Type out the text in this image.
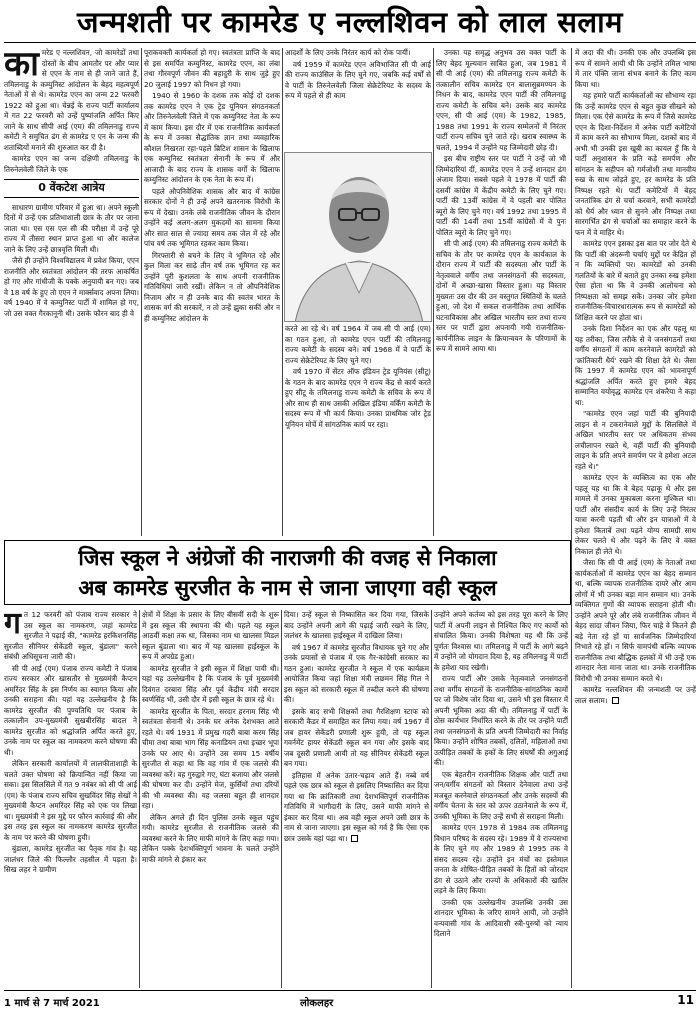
जन्मशती पर कामरेड ए नल्लशिवन को लाल सलाम

कामरेड ए नल्लशिवन, जो कामरेडों तथा दोस्तों के बीच आमतौर पर और प्यार से एएन के नाम से ही जाने जाते हैं, तमिलनाडु के कम्युनिस्ट आंदोलन के बेहद महत्वपूर्ण नेताओं में से थे। कामरेड एएन का जन्म 22 फरवरी 1922 को हुआ था। चेन्नई के राज्य पार्टी कार्यालय में गत 22 फरवरी को उन्हें पुष्पांजलि अर्पित किए जाने के साथ सीपी आई (एम) की तमिलनाडु राज्य कमेटी ने समुचित ढंग से कामरेड ए एन के जन्म की शताब्दियों मनाने की शुरुआत कर दी है।

कामरेड एएन का जन्म दक्षिणी तमिलनाडु के तिरुनेलवेली जिले के एक

0 वेंकटेश आत्रेय

साधारण ग्रामीण परिवार में हुआ था। अपने स्कूली दिनों में उन्हें एक प्रतिभाशाली छात्र के तौर पर जाना जाता था। एस एस एल सी की परीक्षा में उन्हें पूरे राज्य में तीसरा स्थान प्राप्त हुआ था और कालेज जाने के लिए उन्हें छात्रवृत्ति मिली थी।

जैसे ही उन्होंने विश्वविद्यालय में प्रवेश किया, एएन राजनीति और स्वतंत्रता आंदोलन की तरफ आकर्षित हो गए और गांधीजी के पक्के अनुयायी बन गए। जब वे 18 वर्ष के हुए तो एएन ने मार्क्सवाद अपना लिया। वर्ष 1940 में वे कम्युनिस्ट पार्टी में शामिल हो गए, जो उस वक्त गैरकानूनी थी। उसके फौरन बाद ही वे

पूराकवक्ती कार्यकर्ता हो गए। स्वतंत्रता प्राप्ति के बाद से इस समर्पित कम्युनिस्ट, कामरेड एएन, का लंबा तथा गौरवपूर्ण जीवन की बहादुरी के साथ जुड़े हुए 20 जुलाई 1997 को निधन हो गया।

1940 से 1960 के दशक तक कोई दो दशक तक कामरेड एएन ने एक ट्रेड यूनियन संगठनकर्ता और तिरुनेलवेली जिले में एक कम्युनिस्ट नेता के रूप में काम किया। इस दौर में एक राजनीतिक कार्यकर्ता के रूप में उनका सैद्धांतिक ज्ञान तथा व्यवहारिक कौशल निखरता रहा-पहले ब्रिटिश शासन के खिलाफ एक कम्युनिस्ट स्वतंत्रता सेनानी के रूप में और आजादी के बाद राज्य के शासक वर्गों के खिलाफ कम्युनिस्ट आंदोलन के एक नेता के रूप में।

पहले औपनिवेशिक शासक और बाद में कांग्रेस सरकार दोनों ने ही उन्हें अपने खतरनाक विरोधी के रूप में देखा। उनके लंबे राजनीतिक जीवन के दौरान उन्होंने कई अलग-अलग मुकदमों का सामना किया और सात साल से ज्यादा समय तक जेल में रहे और पांच वर्ष तक भूमिगत रहकर काम किया।

गिरफ्तारी से बचने के लिए वे भूमिगत रहे और कुल मिला कर साढ़े तीन वर्ष तक भूमिगत रह कर उन्होंने पूरी कुशलता के साथ अपनी राजनीतिक गतिविधियां जारी रखीं। लेकिन न तो औपनिवेशिक निजाम और न ही उनके बाद की स्वतंत्र भारत के शासक वर्ग की सरकारें, न तो उन्हें झुका सकीं और न ही कम्युनिस्ट आंदोलन के

आदर्शों के लिए उनके निरंतर कार्य को रोक पायीं।

वर्ष 1959 में कामरेड एएन अविभाजित सी पी आई की राज्य काउंसिल के लिए चुने गए, जबकि कई वर्षों से वे पार्टी के तिरुनेलवेली जिला सेक्रेटेरियट के सदस्य के रूप में पहले से ही काम

करते आ रहे थे। वर्ष 1964 में जब सी पी आई (एम) का गठन हुआ, तो कामरेड एएन पार्टी की तमिलनाडु राज्य कमेटी के सदस्य बने। वर्ष 1968 में वे पार्टी के राज्य सेक्रेटेरियट के लिए चुने गए।

वर्ष 1970 में सेंटर ऑफ इंडियन ट्रेड यूनियंस (सीटू) के गठन के बाद कामरेड एएन ने राज्य केंद्र से कार्य करते हुए सीटू के तमिलनाडु राज्य कमेटी के सचिव के रूप में और साथ ही साथ उसकी अखिल इंडिया वर्किंग कमेटी के सदस्य रूप में भी कार्य किया। उनका प्राथमिक जोर ट्रेड यूनियन मोर्चे में सांगठनिक कार्य पर रहा।

उनका यह समृद्ध अनुभव उस वक्त पार्टी के लिए बेहद मूल्यवान साबित हुआ, जब 1981 में सी पी आई (एम) की तमिलनाडु राज्य कमेटी के तत्कालीन सचिव कामरेड एन बालासुब्रमण्यन के निधन के बाद, कामरेड एएन पार्टी की तमिलनाडु राज्य कमेटी के सचिव बने। उसके बाद कामरेड एएन, सी पी आई (एम) के 1982, 1985, 1988 तथा 1991 के राज्य सम्मेलनों में निरंतर पार्टी राज्य सचिव चुने जाते रहे। खराब स्वास्थ्य के चलते, 1994 में उन्होंने यह जिम्मेदारी छोड़ दी।

इस बीच राष्ट्रीय स्तर पर पार्टी ने उन्हें जो भी जिम्मेदारियां दीं, कामरेड एएन ने उन्हें शानदार ढंग अंजाम दिया। सबसे पहले वे 1978 में पार्टी की दसवीं कांग्रेस में केंद्रीय कमेटी के लिए चुने गए। पार्टी की 13वीं कांग्रेस में वे पहली बार पोलित ब्यूरो के लिए चुने गए। वर्ष 1992 तथा 1995 में पार्टी की 14वीं तथा 15वीं कांग्रेसों में वे पुनः पोलित ब्यूरो के लिए चुने गए।

सी पी आई (एम) की तमिलनाडु राज्य कमेटी के सचिव के तौर पर कामरेड एएन के कार्यकाल के दौरान राज्य में पार्टी की सदस्यता और पार्टी के नेतृत्ववाले वर्गीय तथा जनसंगठनों की सदस्यता, दोनों में अच्छा-खासा विस्तार हुआ। यह विस्तार मुख्यतः उस दौर की उन वस्तुगत स्थितियों के चलते हुआ, जो देश में सकल राजनीतिक तथा आर्थिक घटनाविकास और अखिल भारतीय स्तर तथा राज्य स्तर पर पार्टी द्वारा अपनायी गयी राजनीतिक-कार्यनीतिक लाइन के क्रियान्वयन के परिणामों के रूप में सामने आया था।

में अदा की थी। उनकी एक और उपलब्धि इस रूप में सामने आयी थी कि उन्होंने तमिल भाषा में तार पंक्ति जाना संभव बनाने के लिए काम किया था।

यह हमारे पार्टी कार्यकर्ताओं का सौभाग्य रहा कि उन्हें कामरेड एएन से बहुत कुछ सीखने को मिला। एक ऐसे कामरेड के रूप में जिसे कामरेड एएन के दिशा-निर्देशन में अनेक पार्टी कमेटियों में काम करने का सौभाग्य मिला, दशकों बाद में अभी भी उनकी इस खूबी का कायल हूँ कि वे पार्टी अनुशासन के प्रति कड़े समर्पण और सांगठन के सहीपन को गर्मजोशी तथा मानवीय रुख के साथ जोड़ते हुए, हर कामरेड के प्रति निष्पक्ष रहते थे। पार्टी कमेटियों में बेहद जनतांत्रिक ढंग से चर्चा करवाने, सभी कामरेडों को धैर्य और ध्यान से सुनने और निष्पक्ष तथा सारगर्भित ढंग से चर्चाओं का समाहार करने के फन में वे माहिर थे।

कामरेड एएन इसका इस बात पर जोर देते थे कि पार्टी की अंदरूनी चर्चाएं मुद्दों पर केंद्रित हों न कि व्यक्तियों पर। कामरेडों को उनकी गलतियों के बारे में बताते हुए उनका रुख हमेशा ऐसा होता था कि वे उनकी आलोचना को निष्पक्षता को समझ सकें। उनका जोर हमेशा राजनीतिक-विचारधारात्मक रूप से कामरेडों को शिक्षित करने पर होता था।

उनके दिशा निर्देशन का एक और पहलू था यह तरीका, जिस तरीके से वे जनसंगठनों तथा वर्गीय संगठनों में काम करनेवाले कामरेडों को 'क्रांतिकारी धैर्य' रखने की शिक्षा देते थे। जैसा कि 1997 में कामरेड एएन को भावनापूर्ण श्रद्धांजलि अर्पित करते हुए हमारे बेहद सम्मानित वयोवृद्ध कामरेड एन शंकरैया ने कहा था:

"कामरेड एएन जहां पार्टी की बुनियादी लाइन से न टकरानेवाले मुद्दों के सिलसिले में अखिल भारतीय स्तर पर अधिकतम संभव लचीलापन रखते थे, वहीं पार्टी की बुनियादी लाइन के प्रति अपने समर्पण पर वे हमेशा अटल रहते थे।"

कामरेड एएन के व्यक्तित्व का एक और पहलू यह था कि वे बेहद पढ़ाकू थे और इस मामले में उनका मुकाबला करना मुश्किल था। पार्टी और संसदीय कार्य के लिए उन्हें निरंतर यात्रा करनी पड़ती थी और इन यात्राओं में वे हमेशा किताबें तथा पढ़ने योग्य सामग्री साथ लेकर चलते थे और पढ़ने के लिए वे वक्त निकाल ही लेते थे।

जैसा कि सी पी आई (एम) के नेताओं तथा कार्यकर्ताओं में कामरेड एएन का बेहद सम्मान था, बल्कि व्यापक राजनीतिक दायरे और आम लोगों में भी उनका बड़ा मान सम्मान था। उनके व्यक्तिगत गुणों की व्यापक सराहना होती थी। उन्होंने अपने पूरे और लंबे राजनीतिक जीवन में बेहद सादा जीवन जिया, फिर चाहे वे कितने ही बड़े नेता रहे हों या सार्वजनिक जिम्मेदारियां निभाते रहे हों। न सिर्फ वामपंथी बल्कि व्यापक राजनीतिक तथा बौद्धिक हलकों में भी उन्हें एक शानदार नेता माना जाता था। उनके राजनीतिक विरोधी भी उनका सम्मान करते थे।

कामरेड नल्लशिवन की जन्मशती पर उन्हें लाल सलाम।

जिस स्कूल ने अंग्रेजों की नाराजगी की वजह से निकाला
अब कामरेड सुरजीत के नाम से जाना जाएगा वही स्कूल

गत 12 फरवरी को पंजाब राज्य सरकार ने उस स्कूल का नामकरण, जहां कामरेड सुरजीत ने पढ़ाई की, "कामरेड हरकिशनसिंह सुरजीत सीनियर सेकेंडरी स्कूल, बुंडाला" करने संबंधी अधिसूचना जारी की।

सी पी आई (एम) पंजाब राज्य कमेटी ने पंजाब राज्य सरकार और खासतौर से मुख्यमंत्री कैप्टन अमरिंदर सिंह के इस निर्णय का स्वागत किया और उनकी सराहना की। यहां यह उल्लेखनीय है कि कामरेड सुरजीत की पुण्यतिथि पर पंजाब के तत्कालीन उप-मुख्यमंत्री सुखबीरसिंह बादल ने कामरेड सुरजीत को श्रद्धांजलि अर्पित करते हुए, उनके नाम पर स्कूल का नामकरण करने घोषणा की थी।

लेकिन सरकारी कार्यालयों में लालफीताशाही के चलते उक्त घोषणा को क्रियान्वित नहीं किया जा सका। इस सिलसिले में गत 9 नवंबर को सी पी आई (एम) के पंजाब राज्य सचिव सुखविंदर सिंह सेखों ने मुख्यमंत्री कैप्टन अमरिंदर सिंह को एक पत्र लिखा था। मुख्यमंत्री ने इस मुद्दे पर फौरन कार्रवाई की और इस तरह इस स्कूल का नामकरण कामरेड सुरजीत के नाम पर करने की घोषणा हुयी।

बुंडाला, कामरेड सुरजीत का पैतृक गांव है। यह जालंधर जिले की फिल्लौर तहसील में पड़ता है। सिख लहर ने ग्रामीण

क्षेत्रों में शिक्षा के प्रसार के लिए बीसवीं सदी के शुरू में इस स्कूल की स्थापना की थी। पहले यह स्कूल आठवीं कक्षा तक था, जिसका नाम था खालसा मिडल स्कूल बुंडाला था। बाद में यह खालसा हाईस्कूल के रूप में अपग्रेड हुआ।

कामरेड सुरजीत ने इसी स्कूल में शिक्षा पायी थी। यहां यह उल्लेखनीय है कि पंजाब के पूर्व मुख्यमंत्री दिवंगत दरबारा सिंह और पूर्व केंद्रीय मंत्री सरदार स्वर्णसिंह भी, उसी दौर में इसी स्कूल के छात्र रहे थे।

कामरेड सुरजीत के पिता, सरदार हरनाम सिंह भी स्वतंत्रता सेनानी थे। उनके घर अनेक देशभक्त आते रहते थे। वर्ष 1931 में प्रमुख गदरी बाबा करम सिंह चीमा तथा बाबा भाग सिंह कनाडियन तथा इच्छर भूपा उनके घर आए थे। उन्होंने उस समय 15 वर्षीय सुरजीत से कहा था कि वह गांव में एक जलसे की व्यवस्था करें। वह गुरुद्वारे गए, घंटा बजाया और जलसे की घोषणा कर दी। उन्होंने मेज, कुर्सियों तथा दरियों की भी व्यवस्था की। यह जलसा बहुत ही शानदार रहा।

लेकिन अगले ही दिन पुलिस उनके स्कूल पहुंच गयी। कामरेड सुरजीत से राजनीतिक जलसे की व्यवस्था करने के लिए माफी मांगने के लिए कहा गया। लेकिन पक्के देशभक्तिपूर्ण भावना के चलते उन्होंने माफी मांगने से इंकार कर

दिया। उन्हें स्कूल से निष्कासित कर दिया गया, जिसके बाद उन्होंने अपनी आगे की पढ़ाई जारी रखने के लिए, जलंधर के खालसा हाईस्कूल में दाखिला लिया।

वर्ष 1967 में कामरेड सुरजीत विधायक चुने गए और उनके प्रयासों से पंजाब में एक गैर-कांग्रेसी सरकार का गठन हुआ। कामरेड सुरजीत ने स्कूल में एक कार्यक्रम आयोजित किया जहां शिक्षा मंत्री लछमन सिंह गिल ने इस स्कूल को सरकारी स्कूल में तब्दील करने की घोषणा की।

इसके बाद सभी शिक्षकों तथा गैरशिक्षण स्टाफ को सरकारी कैडर में समाहित कर लिया गया। वर्ष 1967 में जब हायर सेकेंडरी प्रणाली शुरू हुयी, तो यह स्कूल गवर्नमेंट हायर सेकेंडरी स्कूल बन गया और इसके बाद जब दूसरी प्रणाली आयी तो यह सीनियर सेकेंडरी स्कूल बन गया।

इतिहास में अनेक उतार-चढ़ाव आते हैं। नब्बे वर्ष पहले एक छात्र को स्कूल से इसलिए निष्कासित कर दिया गया था कि क्रांतिकारी तथा देशभक्तिपूर्ण राजनीतिक गतिविधि में भागीदारी के लिए, उसने माफी मांगने से इंकार कर दिया था। अब वही स्कूल अपने उसी छात्र के नाम से जाना जाएगा। इस स्कूल को गर्व है कि ऐसा एक छात्र उसके यहां पढ़ा था।

उन्होंने अपने कर्तव्य को इस तरह पूरा करने के लिए पार्टी में अपनी लाइन से निश्चित किए गए कार्यों को संचालित किया। उनकी विशेषता यह थी कि उन्हें पूर्णतः विश्वास था। तमिलनाडु में पार्टी के आगे बढ़ने में उन्होंने जो योगदान दिया है, वह तमिलनाडु में पार्टी के हमेशा याद रखेगी।

राज्य पार्टी और उसके नेतृत्ववाले जनसंगठनों तथा वर्गीय संगठनों के राजनीतिक-सांगठनिक कामों पर जो विशेष जोर दिया था, उसने भी इस विस्तार में अपनी भूमिका अदा की थी। तमिलनाडु में पार्टी के ठोस कार्यभार निर्धारित करने के तौर पर उन्होंने पार्टी तथा जनसंगठनों के प्रति अपनी जिम्मेदारी का निर्वाह किया। उन्होंने शोषित तबकों, दलितों, महिलाओं तथा उत्पीड़ित तबकों के हकों के लिए संघर्षों की अगुआई की।

एक बेहतरीन राजनीतिक शिक्षक और पार्टी तथा जन/वर्गीय संगठनों को विस्तार देनेवाला तथा उन्हें मजबूत करनेवाले संगठनकर्ता और उनके सदस्यों की वर्गीय चेतना के स्तर को ऊपर उठानेवाले के रूप में, उनकी भूमिका के लिए उन्हें सभी से सराहना मिली।

कामरेड एएन 1978 से 1984 तक तमिलनाडु विधान परिषद के सदस्य रहे। 1989 में वे राज्यसभा के लिए चुने गए और 1989 से 1995 तक वे संसद सदस्य रहे। उन्होंने इन मंचों का इस्तेमाल जनता के शोषित-पीड़ित तबकों के हितों को जोरदार ढंग से उठाने और राज्यों के अधिकारों की खातिर लड़ने के लिए किया।

उनकी एक उल्लेखनीय उपलब्धि उनकी उस शानदार भूमिका के जरिए सामने आयी, जो उन्होंने वन्यवासी गांव के आदिवासी स्त्री-पुरुषों को न्याय दिलाने

1 मार्च से 7 मार्च 2021	लोकलहर	11
